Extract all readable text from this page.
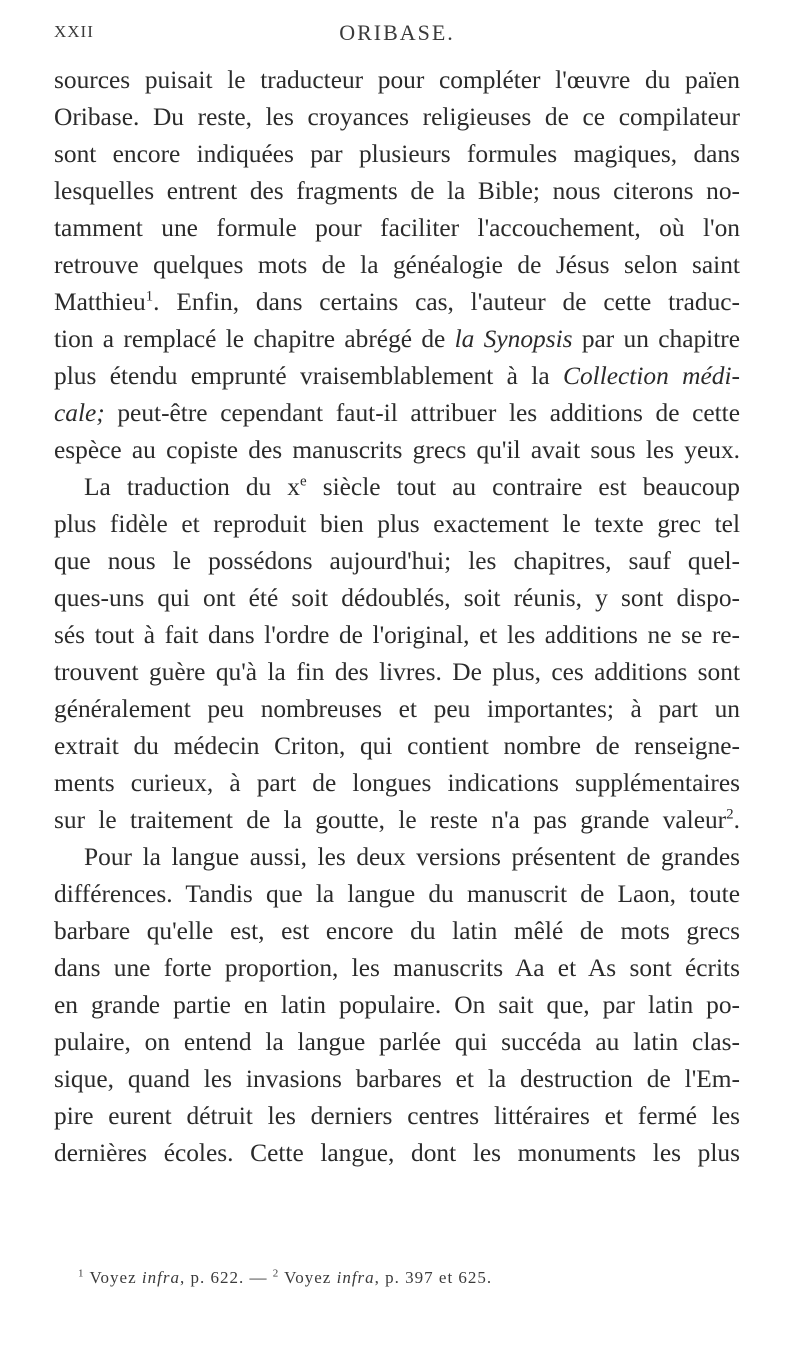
XXII	ORIBASE.
sources puisait le traducteur pour compléter l'œuvre du païen
Oribase. Du reste, les croyances religieuses de ce compilateur
sont encore indiquées par plusieurs formules magiques, dans
lesquelles entrent des fragments de la Bible; nous citerons no-
tamment une formule pour faciliter l'accouchement, où l'on
retrouve quelques mots de la généalogie de Jésus selon saint
Matthieu$^1$. Enfin, dans certains cas, l'auteur de cette traduc-
tion a remplacé le chapitre abrégé de la Synopsis par un chapitre
plus étendu emprunté vraisemblablement à la Collection médi-
cale; peut-être cependant faut-il attribuer les additions de cette
espèce au copiste des manuscrits grecs qu'il avait sous les yeux.
La traduction du $x^e$ siècle tout au contraire est beaucoup
plus fidèle et reproduit bien plus exactement le texte grec tel
que nous le possédons aujourd'hui; les chapitres, sauf quel-
ques-uns qui ont été soit dédoublés, soit réunis, y sont dispo-
sés tout à fait dans l'ordre de l'original, et les additions ne se re-
trouvent guère qu'à la fin des livres. De plus, ces additions sont
généralement peu nombreuses et peu importantes; à part un
extrait du médecin Criton, qui contient nombre de renseigne-
ments curieux, à part de longues indications supplémentaires
sur le traitement de la goutte, le reste n'a pas grande valeur$^2$.
Pour la langue aussi, les deux versions présentent de grandes
différences. Tandis que la langue du manuscrit de Laon, toute
barbare qu'elle est, est encore du latin mêlé de mots grecs
dans une forte proportion, les manuscrits Aa et As sont écrits
en grande partie en latin populaire. On sait que, par latin po-
pulaire, on entend la langue parlée qui succéda au latin clas-
sique, quand les invasions barbares et la destruction de l'Em-
pire eurent détruit les derniers centres littéraires et fermé les
dernières écoles. Cette langue, dont les monuments les plus
$^1$ Voyez infra, p. 622. — $^2$ Voyez infra, p. 397 et 625.
